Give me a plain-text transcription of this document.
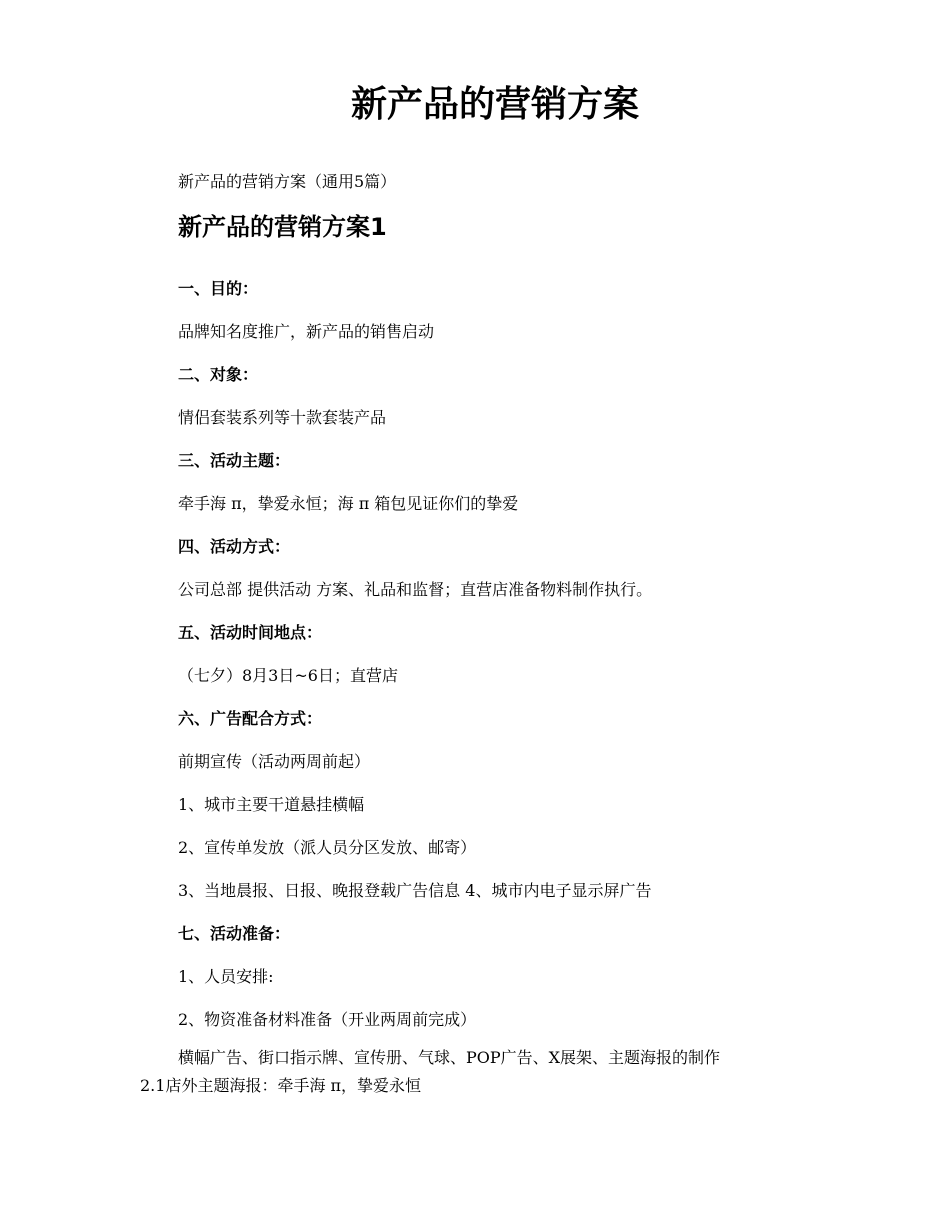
新产品的营销方案
新产品的营销方案（通用5篇）
新产品的营销方案1
一、目的：
品牌知名度推广，新产品的销售启动
二、对象：
情侣套装系列等十款套装产品
三、活动主题：
牵手海 π，挚爱永恒；海 π 箱包见证你们的挚爱
四、活动方式：
公司总部 提供活动 方案、礼品和监督；直营店准备物料制作执行。
五、活动时间地点：
（七夕）8月3日~6日；直营店
六、广告配合方式：
前期宣传（活动两周前起）
1、城市主要干道悬挂横幅
2、宣传单发放（派人员分区发放、邮寄）
3、当地晨报、日报、晚报登载广告信息 4、城市内电子显示屏广告
七、活动准备：
1、人员安排:
2、物资准备材料准备（开业两周前完成）
横幅广告、街口指示牌、宣传册、气球、POP广告、X展架、主题海报的制作
2.1店外主题海报：牵手海 π，挚爱永恒
